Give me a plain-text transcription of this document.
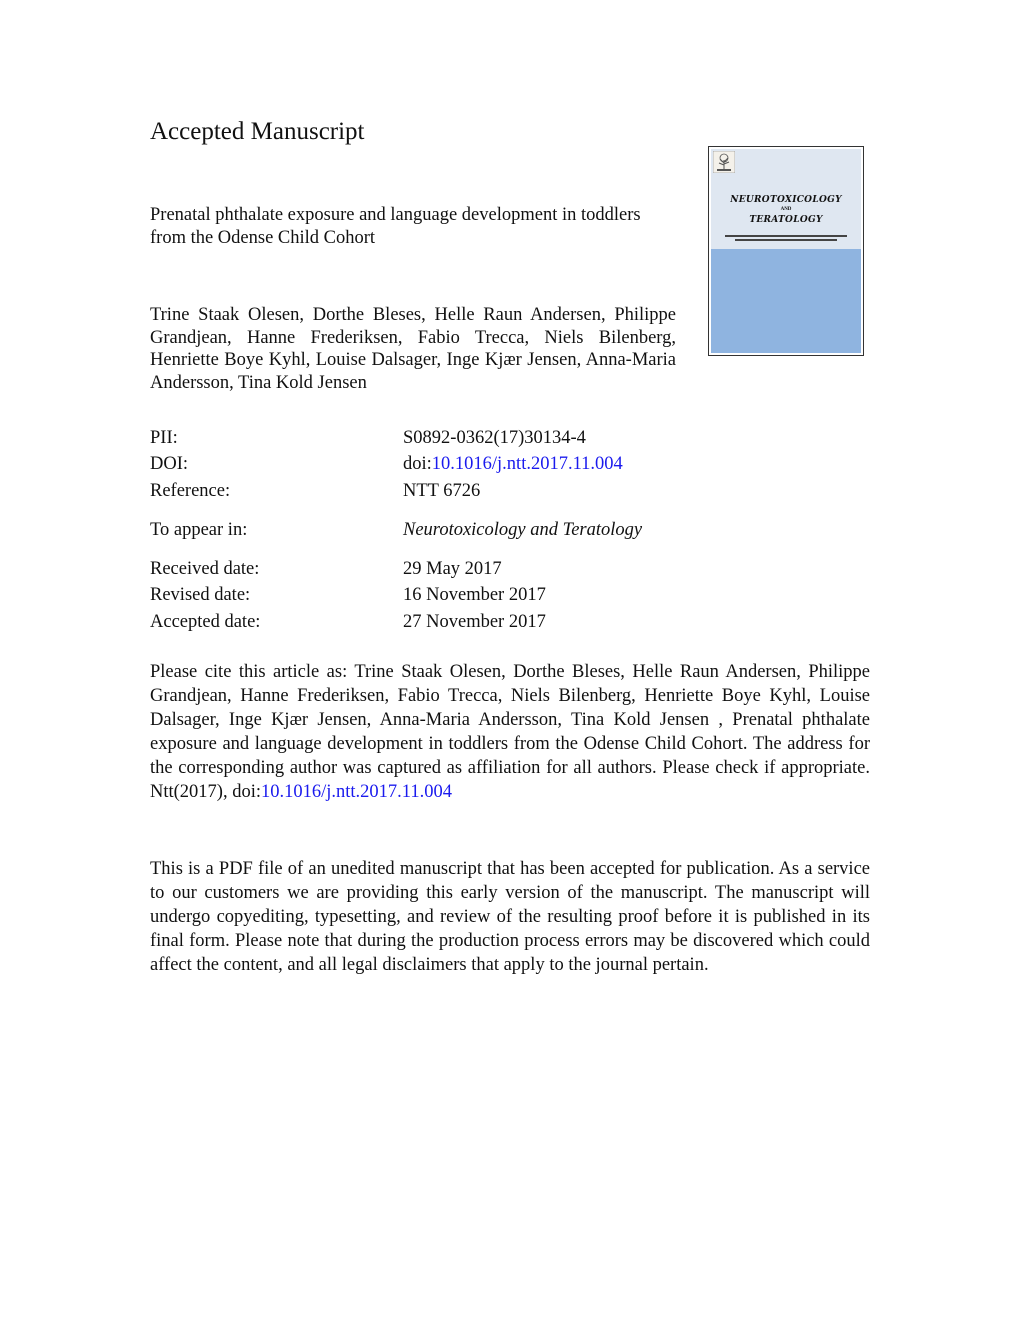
Accepted Manuscript
Prenatal phthalate exposure and language development in toddlers from the Odense Child Cohort
Trine Staak Olesen, Dorthe Bleses, Helle Raun Andersen, Philippe Grandjean, Hanne Frederiksen, Fabio Trecca, Niels Bilenberg, Henriette Boye Kyhl, Louise Dalsager, Inge Kjær Jensen, Anna-Maria Andersson, Tina Kold Jensen
NEUROTOXICOLOGY
AND
TERATOLOGY
PII:	S0892-0362(17)30134-4
DOI:	doi:10.1016/j.ntt.2017.11.004
Reference:	NTT 6726
To appear in:	Neurotoxicology and Teratology
Received date:	29 May 2017
Revised date:	16 November 2017
Accepted date:	27 November 2017
Please cite this article as: Trine Staak Olesen, Dorthe Bleses, Helle Raun Andersen, Philippe Grandjean, Hanne Frederiksen, Fabio Trecca, Niels Bilenberg, Henriette Boye Kyhl, Louise Dalsager, Inge Kjær Jensen, Anna-Maria Andersson, Tina Kold Jensen , Prenatal phthalate exposure and language development in toddlers from the Odense Child Cohort. The address for the corresponding author was captured as affiliation for all authors. Please check if appropriate. Ntt(2017), doi:10.1016/j.ntt.2017.11.004
This is a PDF file of an unedited manuscript that has been accepted for publication. As a service to our customers we are providing this early version of the manuscript. The manuscript will undergo copyediting, typesetting, and review of the resulting proof before it is published in its final form. Please note that during the production process errors may be discovered which could affect the content, and all legal disclaimers that apply to the journal pertain.
